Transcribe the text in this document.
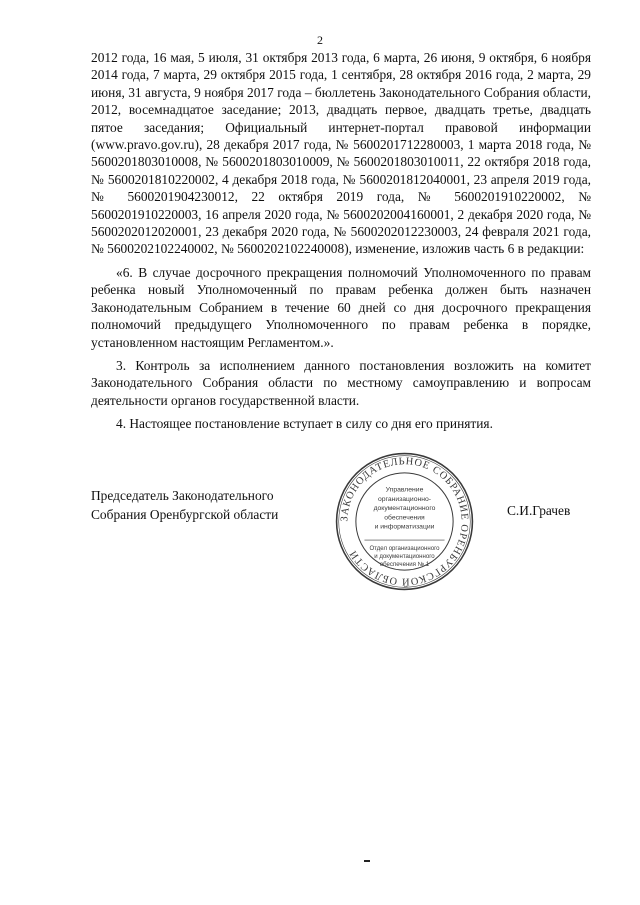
2

2012 года, 16 мая, 5 июля, 31 октября 2013 года, 6 марта, 26 июня, 9 октября, 6 ноября 2014 года, 7 марта, 29 октября 2015 года, 1 сентября, 28 октября 2016 года, 2 марта, 29 июня, 31 августа, 9 ноября 2017 года – бюллетень Законодательного Собрания области, 2012, восемнадцатое заседание; 2013, двадцать первое, двадцать третье, двадцать пятое заседания; Официальный интернет-портал правовой информации (www.pravo.gov.ru), 28 декабря 2017 года, № 5600201712280003, 1 марта 2018 года, № 5600201803010008, № 5600201803010009, № 5600201803010011, 22 октября 2018 года, № 5600201810220002, 4 декабря 2018 года, № 5600201812040001, 23 апреля 2019 года, № 5600201904230012, 22 октября 2019 года, № 5600201910220002, № 5600201910220003, 16 апреля 2020 года, № 5600202004160001, 2 декабря 2020 года, № 5600202012020001, 23 декабря 2020 года, № 5600202012230003, 24 февраля 2021 года, № 5600202102240002, № 5600202102240008), изменение, изложив часть 6 в редакции:

«6. В случае досрочного прекращения полномочий Уполномоченного по правам ребенка новый Уполномоченный по правам ребенка должен быть назначен Законодательным Собранием в течение 60 дней со дня досрочного прекращения полномочий предыдущего Уполномоченного по правам ребенка в порядке, установленном настоящим Регламентом.».

3. Контроль за исполнением данного постановления возложить на комитет Законодательного Собрания области по местному самоуправлению и вопросам деятельности органов государственной власти.

4. Настоящее постановление вступает в силу со дня его принятия.

Председатель Законодательного
Собрания Оренбургской области	ЗАКОНОДАТЕЛЬНОЕ СОБРАНИЕ ОРЕНБУРГСКОЙ ОБЛАСТИ
Управление
организационно-
документационного
обеспечения
и информатизации
Отдел организационного
и документационного
обеспечения № 1
С.И.Грачев
